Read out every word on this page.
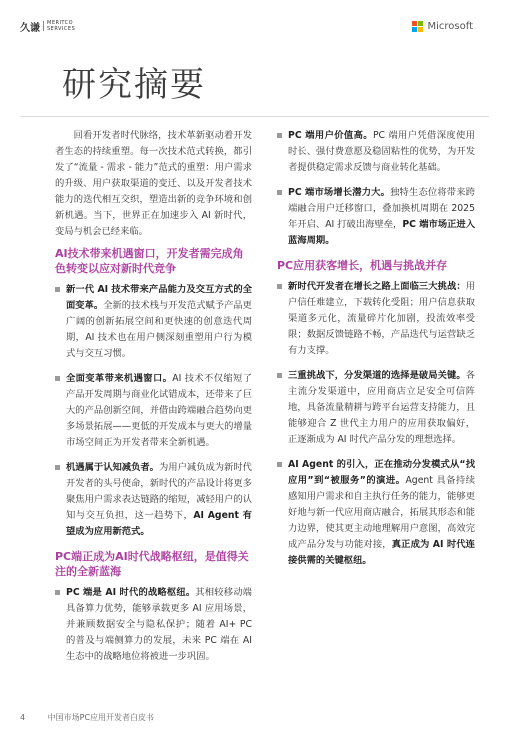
久谦 MERITCO
SERVICES	Microsoft
研究摘要

回看开发者时代脉络，技术革新驱动着开发者生态的持续重塑。每一次技术范式转换，都引发了“流量 - 需求 - 能力”范式的重塑：用户需求的升级、用户获取渠道的变迁、以及开发者技术能力的迭代相互交织，塑造出新的竞争环境和创新机遇。当下，世界正在加速步入 AI 新时代，变局与机会已经来临。

AI技术带来机遇窗口，开发者需完成角色转变以应对新时代竞争
新一代 AI 技术带来产品能力及交互方式的全面变革。全新的技术栈与开发范式赋予产品更广阔的创新拓展空间和更快速的创意迭代周期，AI 技术也在用户侧深刻重塑用户行为模式与交互习惯。
全面变革带来机遇窗口。AI 技术不仅缩短了产品开发周期与商业化试错成本，还带来了巨大的产品创新空间，并借由跨端融合趋势向更多场景拓展——更低的开发成本与更大的增量市场空间正为开发者带来全新机遇。
机遇属于认知减负者。为用户减负成为新时代开发者的头号使命，新时代的产品设计将更多聚焦用户需求表达链路的缩短，减轻用户的认知与交互负担，这一趋势下，AI Agent 有望成为应用新范式。
PC端正成为AI时代战略枢纽，是值得关注的全新蓝海
PC 端是 AI 时代的战略枢纽。其相较移动端具备算力优势，能够承载更多 AI 应用场景，并兼顾数据安全与隐私保护；随着 AI+ PC 的普及与端侧算力的发展，未来 PC 端在 AI 生态中的战略地位将被进一步巩固。
PC 端用户价值高。PC 端用户凭借深度使用时长、强付费意愿及稳固粘性的优势，为开发者提供稳定需求反馈与商业转化基础。
PC 端市场增长潜力大。独特生态位将带来跨端融合用户迁移窗口，叠加换机周期在 2025 年开启、AI 打破出海壁垒，PC 端市场正进入蓝海周期。
PC应用获客增长，机遇与挑战并存
新时代开发者在增长之路上面临三大挑战：用户信任难建立，下载转化受阻；用户信息获取渠道多元化，流量碎片化加剧，投流效率受限；数据反馈链路不畅，产品迭代与运营缺乏有力支撑。
三重挑战下，分发渠道的选择是破局关键。各主流分发渠道中，应用商店立足安全可信阵地，具备流量精耕与跨平台运营支持能力，且能够迎合 Z 世代主力用户的应用获取偏好，正逐渐成为 AI 时代产品分发的理想选择。
AI Agent 的引入，正在推动分发模式从“找应用”到“被服务”的演进。Agent 具备持续感知用户需求和自主执行任务的能力，能够更好地与新一代应用商店融合，拓展其形态和能力边界，使其更主动地理解用户意图，高效完成产品分发与功能对接，真正成为 AI 时代连接供需的关键枢纽。
4	中国市场PC应用开发者白皮书
